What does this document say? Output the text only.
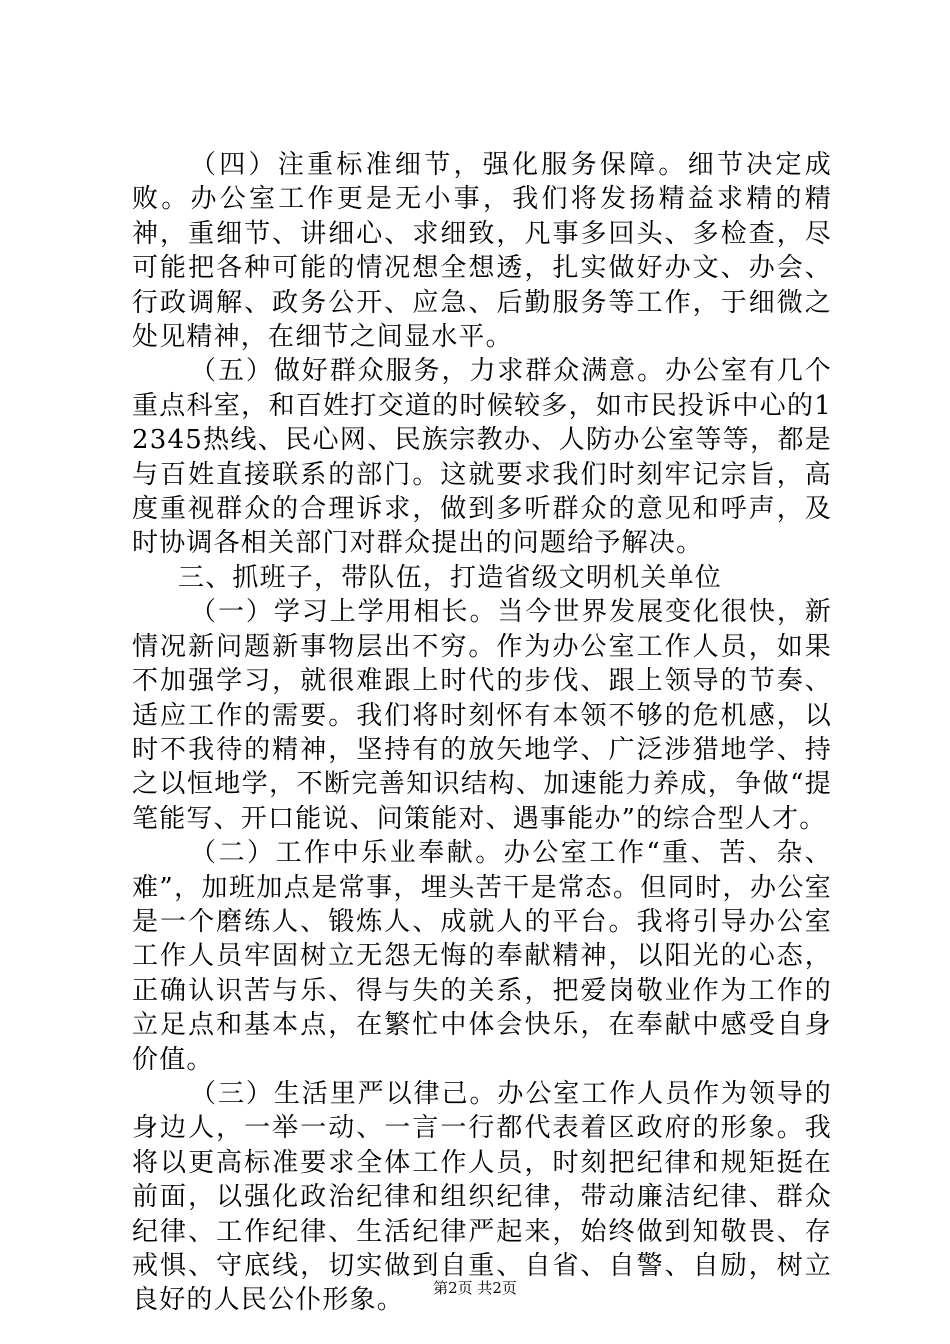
（四）注重标准细节，强化服务保障。细节决定成败。办公室工作更是无小事，我们将发扬精益求精的精神，重细节、讲细心、求细致，凡事多回头、多检查，尽可能把各种可能的情况想全想透，扎实做好办文、办会、行政调解、政务公开、应急、后勤服务等工作，于细微之处见精神，在细节之间显水平。

（五）做好群众服务，力求群众满意。办公室有几个重点科室，和百姓打交道的时候较多，如市民投诉中心的12345热线、民心网、民族宗教办、人防办公室等等，都是与百姓直接联系的部门。这就要求我们时刻牢记宗旨，高度重视群众的合理诉求，做到多听群众的意见和呼声，及时协调各相关部门对群众提出的问题给予解决。

三、抓班子，带队伍，打造省级文明机关单位

（一）学习上学用相长。当今世界发展变化很快，新情况新问题新事物层出不穷。作为办公室工作人员，如果不加强学习，就很难跟上时代的步伐、跟上领导的节奏、适应工作的需要。我们将时刻怀有本领不够的危机感，以时不我待的精神，坚持有的放矢地学、广泛涉猎地学、持之以恒地学，不断完善知识结构、加速能力养成，争做“提笔能写、开口能说、问策能对、遇事能办”的综合型人才。

（二）工作中乐业奉献。办公室工作“重、苦、杂、难”，加班加点是常事，埋头苦干是常态。但同时，办公室是一个磨练人、锻炼人、成就人的平台。我将引导办公室工作人员牢固树立无怨无悔的奉献精神，以阳光的心态，正确认识苦与乐、得与失的关系，把爱岗敬业作为工作的立足点和基本点，在繁忙中体会快乐，在奉献中感受自身价值。

（三）生活里严以律己。办公室工作人员作为领导的身边人，一举一动、一言一行都代表着区政府的形象。我将以更高标准要求全体工作人员，时刻把纪律和规矩挺在前面，以强化政治纪律和组织纪律，带动廉洁纪律、群众纪律、工作纪律、生活纪律严起来，始终做到知敬畏、存戒惧、守底线，切实做到自重、自省、自警、自励，树立良好的人民公仆形象。	第2页 共2页
